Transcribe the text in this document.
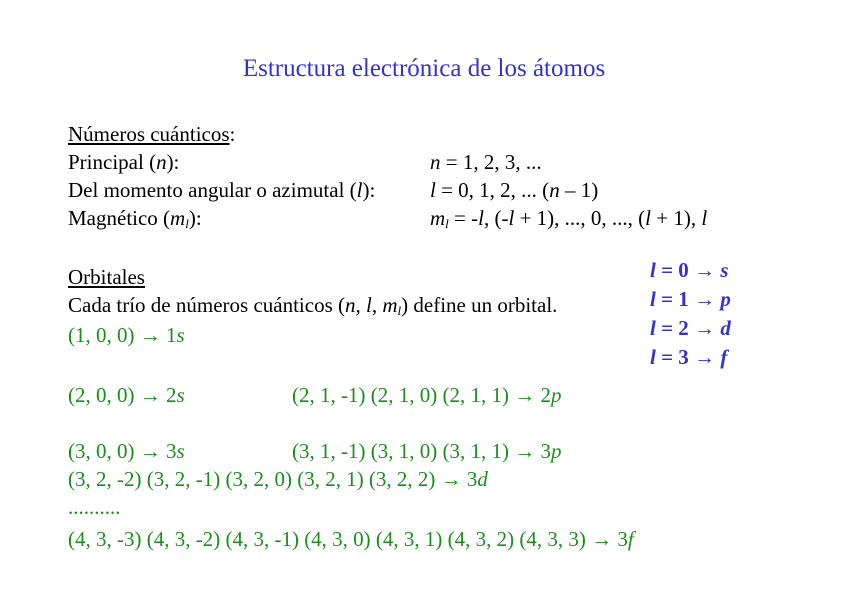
Estructura electrónica de los átomos
Números cuánticos:
Principal (n):	n = 1, 2, 3, ...
Del momento angular o azimutal (l):	l = 0, 1, 2, ... (n – 1)
Magnético $(m_l)$:	$m_l = -l$, (-l + 1), ..., 0, ..., (l + 1), l
Orbitales
Cada trío de números cuánticos (n, l, $m_l$) define un orbital.
l = 0 → s
l = 1 → p
l = 2 → d
l = 3 → f
(1, 0, 0) → 1s
(2, 0, 0) → 2s	(2, 1, -1) (2, 1, 0) (2, 1, 1) → 2p
(3, 0, 0) → 3s	(3, 1, -1) (3, 1, 0) (3, 1, 1) → 3p
(3, 2, -2) (3, 2, -1) (3, 2, 0) (3, 2, 1) (3, 2, 2) → 3d
..........
(4, 3, -3) (4, 3, -2) (4, 3, -1) (4, 3, 0) (4, 3, 1) (4, 3, 2) (4, 3, 3) → 3f
